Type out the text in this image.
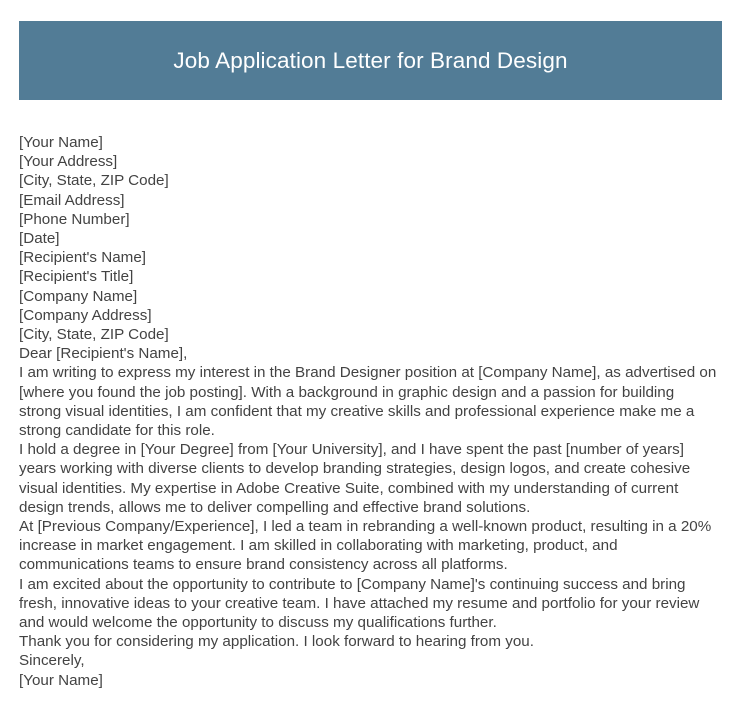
Job Application Letter for Brand Design

[Your Name]

[Your Address]

[City, State, ZIP Code]

[Email Address]

[Phone Number]

[Date]

[Recipient's Name]

[Recipient's Title]

[Company Name]

[Company Address]

[City, State, ZIP Code]

Dear [Recipient's Name],

I am writing to express my interest in the Brand Designer position at [Company Name], as advertised on [where you found the job posting]. With a background in graphic design and a passion for building strong visual identities, I am confident that my creative skills and professional experience make me a strong candidate for this role.

I hold a degree in [Your Degree] from [Your University], and I have spent the past [number of years] years working with diverse clients to develop branding strategies, design logos, and create cohesive visual identities. My expertise in Adobe Creative Suite, combined with my understanding of current design trends, allows me to deliver compelling and effective brand solutions.

At [Previous Company/Experience], I led a team in rebranding a well-known product, resulting in a 20% increase in market engagement. I am skilled in collaborating with marketing, product, and communications teams to ensure brand consistency across all platforms.

I am excited about the opportunity to contribute to [Company Name]'s continuing success and bring fresh, innovative ideas to your creative team. I have attached my resume and portfolio for your review and would welcome the opportunity to discuss my qualifications further.

Thank you for considering my application. I look forward to hearing from you.

Sincerely,

[Your Name]
